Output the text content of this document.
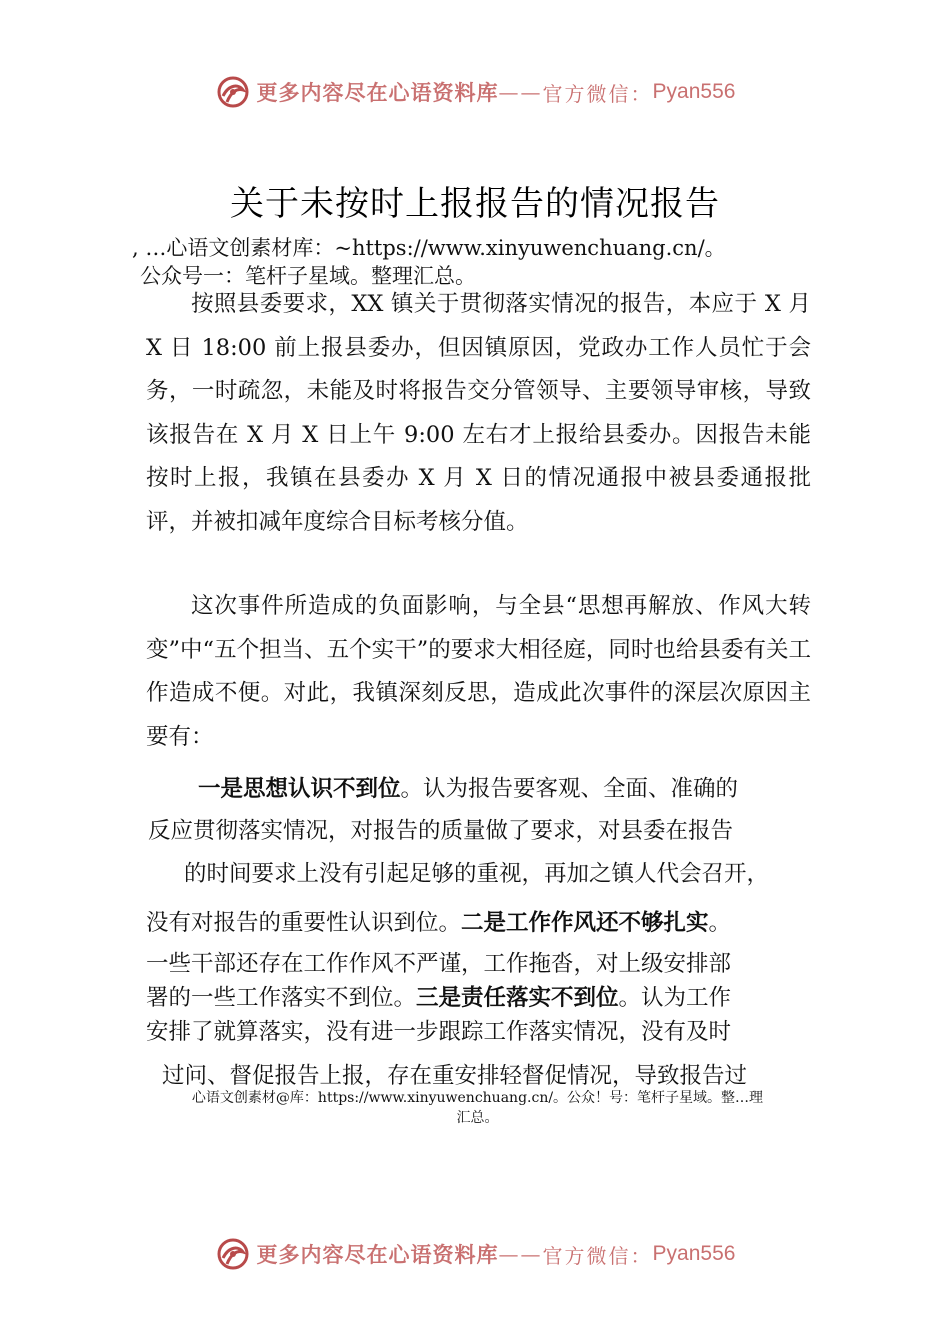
更多内容尽在心语资料库 —— 官方微信： Pyan556
关于未按时上报报告的情况报告
, …心语文创素材库：~https://www.xinyuwenchuang.cn/。
公众号一：笔杆子星域。整理汇总。

按照县委要求，XX 镇关于贯彻落实情况的报告，本应于 X 月 X 日 18:00 前上报县委办，但因镇原因，党政办工作人员忙于会务，一时疏忽，未能及时将报告交分管领导、主要领导审核，导致该报告在 X 月 X 日上午 9:00 左右才上报给县委办。因报告未能按时上报，我镇在县委办 X 月 X 日的情况通报中被县委通报批评，并被扣减年度综合目标考核分值。

这次事件所造成的负面影响，与全县“思想再解放、作风大转变”中“五个担当、五个实干”的要求大相径庭，同时也给县委有关工作造成不便。对此，我镇深刻反思，造成此次事件的深层次原因主要有：

一是思想认识不到位。认为报告要客观、全面、准确的
反应贯彻落实情况，对报告的质量做了要求，对县委在报告
的时间要求上没有引起足够的重视，再加之镇人代会召开，
没有对报告的重要性认识到位。二是工作作风还不够扎实。
一些干部还存在工作作风不严谨，工作拖沓，对上级安排部
署的一些工作落实不到位。三是责任落实不到位。认为工作
安排了就算落实，没有进一步跟踪工作落实情况，没有及时
过问、督促报告上报，存在重安排轻督促情况，导致报告过
心语文创素材@库：https://www.xinyuwenchuang.cn/。公众！号：笔杆子星域。整…理
汇总。
更多内容尽在心语资料库 —— 官方微信： Pyan556
